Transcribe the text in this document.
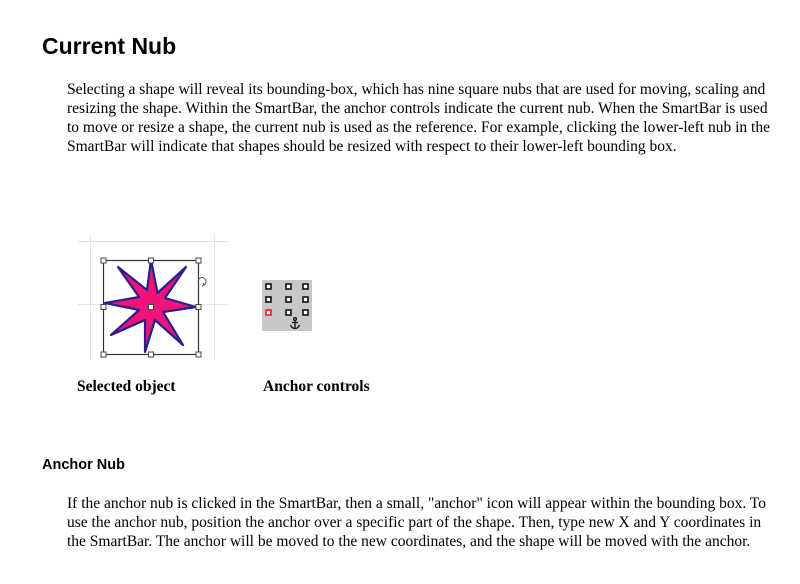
Current Nub

Selecting a shape will reveal its bounding-box, which has nine square nubs that are used for moving, scaling and resizing the shape. Within the SmartBar, the anchor controls indicate the current nub. When the SmartBar is used to move or resize a shape, the current nub is used as the reference. For example, clicking the lower-left nub in the SmartBar will indicate that shapes should be resized with respect to their lower-left bounding box.

Selected object	Anchor controls
Anchor Nub

If the anchor nub is clicked in the SmartBar, then a small, "anchor" icon will appear within the bounding box. To use the anchor nub, position the anchor over a specific part of the shape. Then, type new X and Y coordinates in the SmartBar. The anchor will be moved to the new coordinates, and the shape will be moved with the anchor.
